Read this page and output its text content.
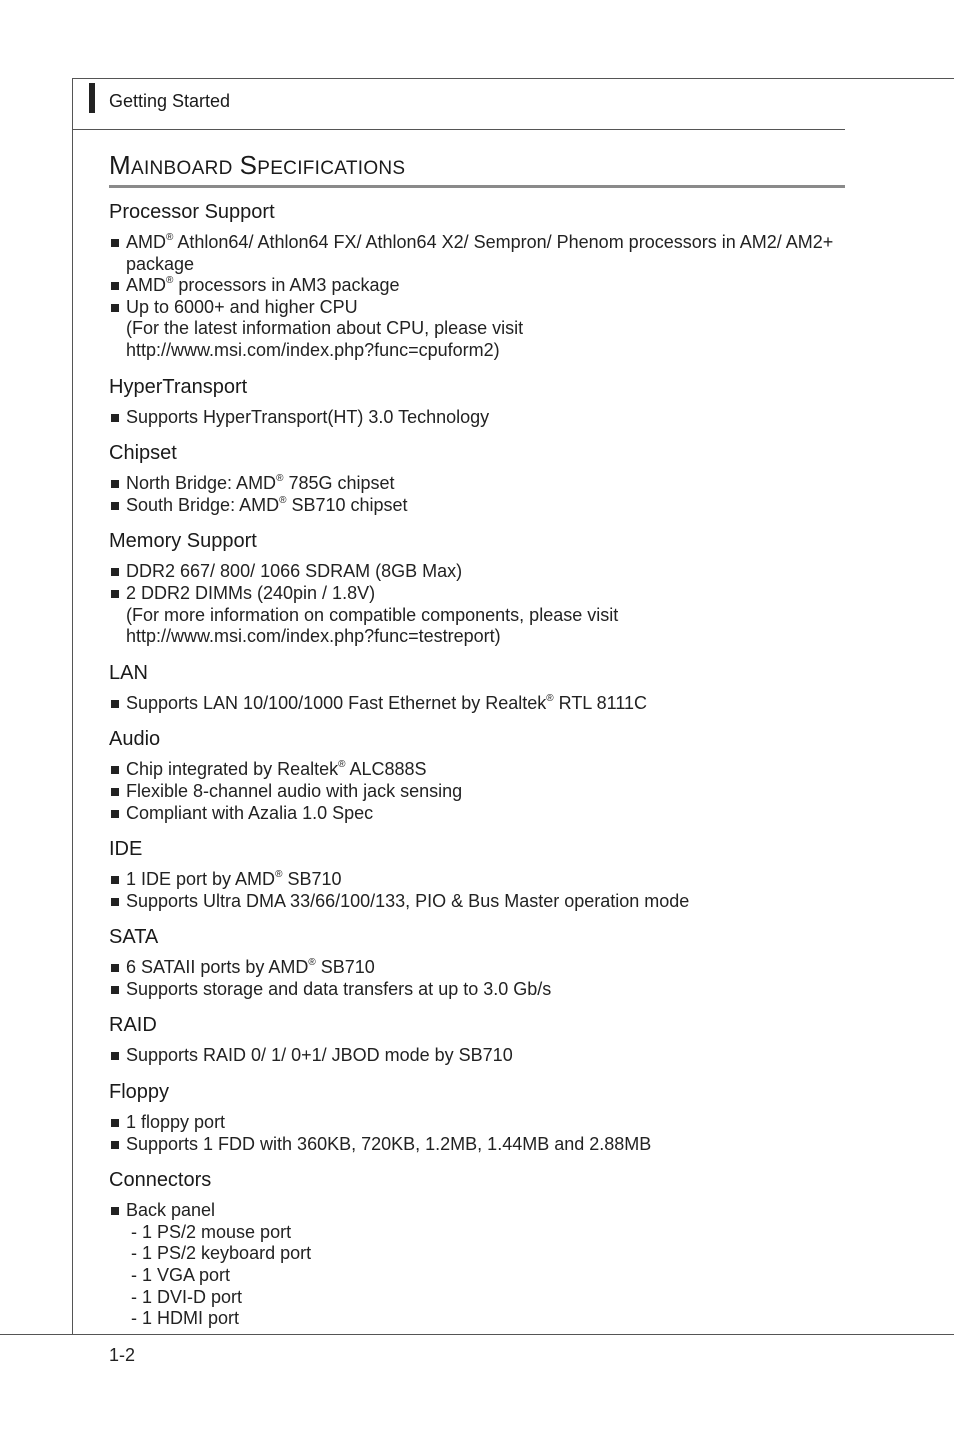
Getting Started
MAINBOARD SPECIFICATIONS
Processor Support
AMD® Athlon64/ Athlon64 FX/ Athlon64 X2/ Sempron/ Phenom processors in AM2/ AM2+ package
AMD® processors in AM3 package
Up to 6000+ and higher CPU
(For the latest information about CPU, please visit
http://www.msi.com/index.php?func=cpuform2)
HyperTransport
Supports HyperTransport(HT) 3.0 Technology
Chipset
North Bridge: AMD® 785G chipset
South Bridge: AMD® SB710 chipset
Memory Support
DDR2 667/ 800/ 1066 SDRAM (8GB Max)
2 DDR2 DIMMs (240pin / 1.8V)
(For more information on compatible components, please visit
http://www.msi.com/index.php?func=testreport)
LAN
Supports LAN 10/100/1000 Fast Ethernet by Realtek® RTL 8111C
Audio
Chip integrated by Realtek® ALC888S
Flexible 8-channel audio with jack sensing
Compliant with Azalia 1.0 Spec
IDE
1 IDE port by AMD® SB710
Supports Ultra DMA 33/66/100/133, PIO & Bus Master operation mode
SATA
6 SATAII ports by AMD® SB710
Supports storage and data transfers at up to 3.0 Gb/s
RAID
Supports RAID 0/ 1/ 0+1/ JBOD mode by SB710
Floppy
1 floppy port
Supports 1 FDD with 360KB, 720KB, 1.2MB, 1.44MB and 2.88MB
Connectors
Back panel
- 1 PS/2 mouse port
- 1 PS/2 keyboard port
- 1 VGA port
- 1 DVI-D port
- 1 HDMI port
1-2
